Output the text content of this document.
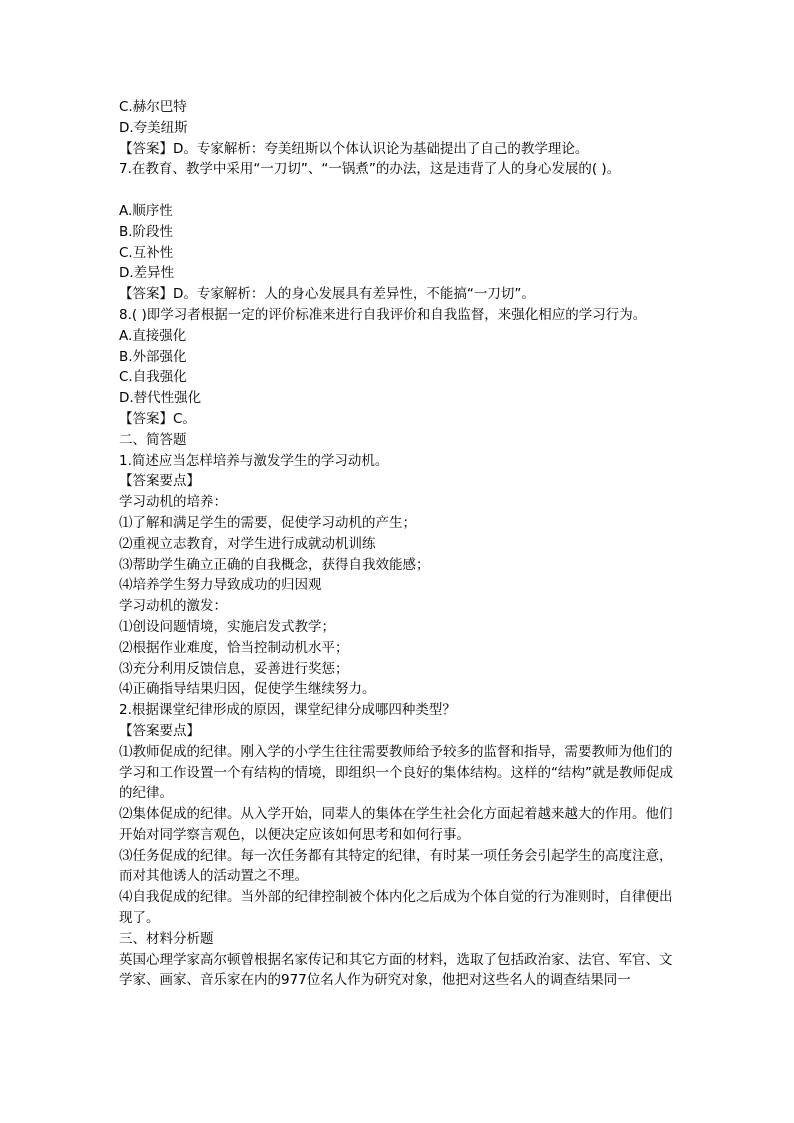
C.赫尔巴特

D.夸美纽斯

【答案】D。专家解析：夸美纽斯以个体认识论为基础提出了自己的教学理论。

7.在教育、教学中采用“一刀切”、“一锅煮”的办法，这是违背了人的身心发展的( )。

A.顺序性

B.阶段性

C.互补性

D.差异性

【答案】D。专家解析：人的身心发展具有差异性，不能搞“一刀切”。

8.( )即学习者根据一定的评价标准来进行自我评价和自我监督，来强化相应的学习行为。

A.直接强化

B.外部强化

C.自我强化

D.替代性强化

【答案】C。

二、简答题

1.简述应当怎样培养与激发学生的学习动机。

【答案要点】

学习动机的培养：

⑴了解和满足学生的需要，促使学习动机的产生；

⑵重视立志教育，对学生进行成就动机训练

⑶帮助学生确立正确的自我概念，获得自我效能感；

⑷培养学生努力导致成功的归因观

学习动机的激发：

⑴创设问题情境，实施启发式教学；

⑵根据作业难度，恰当控制动机水平；

⑶充分利用反馈信息，妥善进行奖惩；

⑷正确指导结果归因，促使学生继续努力。

2.根据课堂纪律形成的原因，课堂纪律分成哪四种类型？

【答案要点】

⑴教师促成的纪律。刚入学的小学生往往需要教师给予较多的监督和指导，需要教师为他们的学习和工作设置一个有结构的情境，即组织一个良好的集体结构。这样的“结构”就是教师促成的纪律。

⑵集体促成的纪律。从入学开始，同辈人的集体在学生社会化方面起着越来越大的作用。他们开始对同学察言观色，以便决定应该如何思考和如何行事。

⑶任务促成的纪律。每一次任务都有其特定的纪律，有时某一项任务会引起学生的高度注意，而对其他诱人的活动置之不理。

⑷自我促成的纪律。当外部的纪律控制被个体内化之后成为个体自觉的行为准则时，自律便出现了。

三、材料分析题

英国心理学家高尔顿曾根据名家传记和其它方面的材料，选取了包括政治家、法官、军官、文学家、画家、音乐家在内的977位名人作为研究对象，他把对这些名人的调查结果同一
